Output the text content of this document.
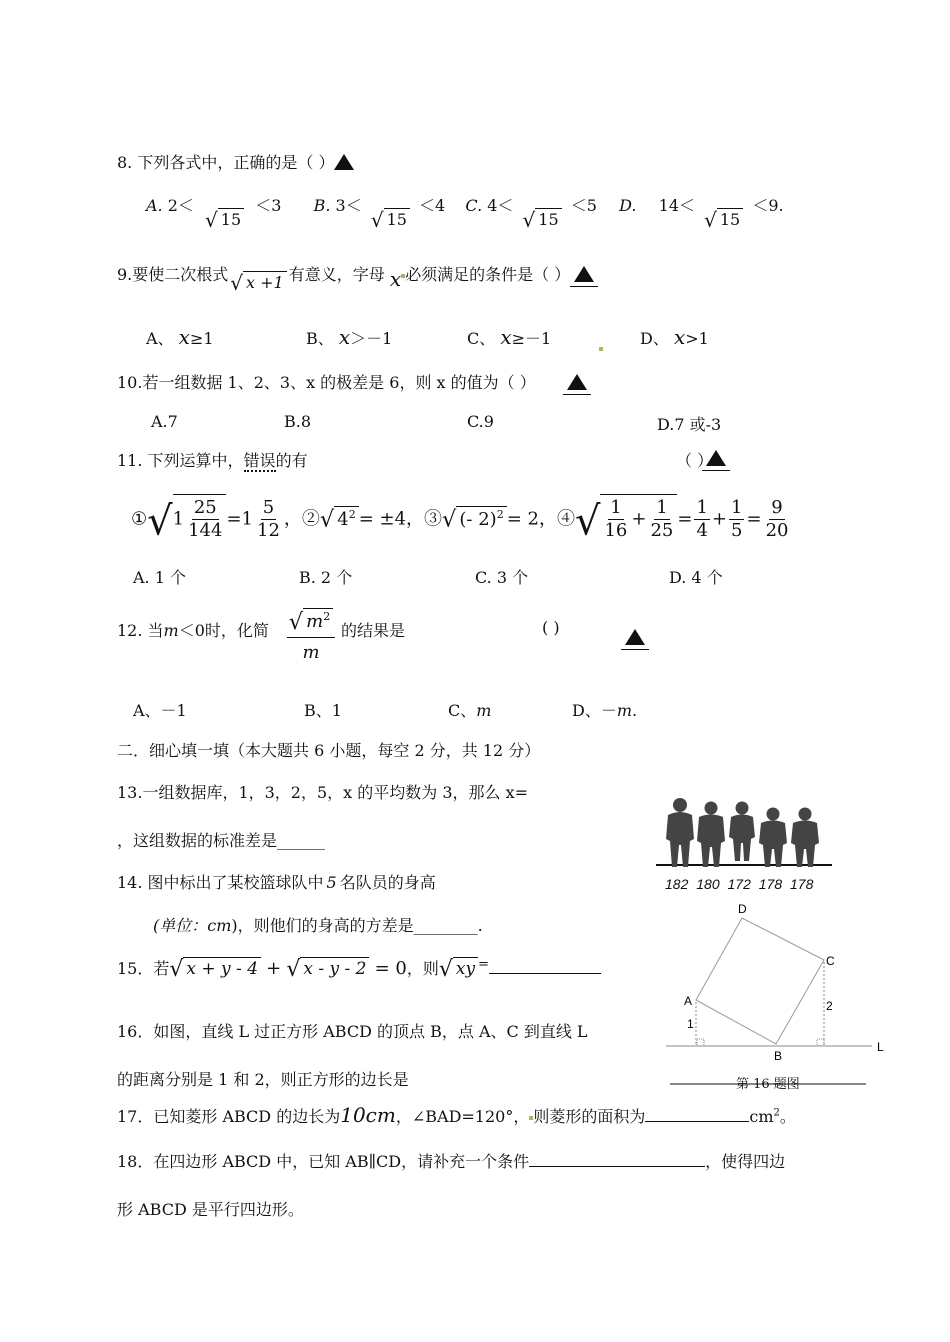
8. 下列各式中，正确的是（ ）
A. 2＜ √ 15 ＜3 B. 3＜ √ 15 ＜4 C. 4＜ √ 15 ＜5 D. 14＜ √ 15 ＜9.
9.要使二次根式 √ x +1 有意义，字母 x 必须满足的条件是（ ）
A、 x≥1	B、 x＞－1	C、 x≥－1	D、 x>1
10.若一组数据 1、2、3、x 的极差是 6，则 x 的值为（ ）
A.7	B.8	C.9	D.7 或-3
11. 下列运算中，错误的有	（ ）
①√1 $\frac{25}{144} =1 \frac{5}{12}$ ，②√ $4^2 = \pm 4$，③√ (- 2)$^2$ = 2，④√ $\frac{1}{16} + \frac{1}{25} = \frac{1}{4} + \frac{1}{5} = \frac{9}{20}$
A. 1 个	B. 2 个	C. 3 个	D. 4 个
12. 当m＜0时，化简 √ $m^2$
m
的结果是	( )
A、－1	B、1	C、m	D、－m.
二．细心填一填（本大题共 6 小题，每空 2 分，共 12 分）
13.一组数据库，1，3，2，5，x 的平均数为 3，那么 x=
，这组数据的标准差是______
182 180 172 178 178
14. 图中标出了某校篮球队中 5 名队员的身高
(单位：cm)，则他们的身高的方差是________.
15．若√ x + y - 4 + √ x - y - 2 = 0，则√ xy =
16．如图，直线 L 过正方形 ABCD 的顶点 B，点 A、C 到直线 L
的距离分别是 1 和 2，则正方形的边长是
D
C
A
B
L
1
2
第 16 题图
17．已知菱形 ABCD 的边长为10cm，∠BAD=120°， 则菱形的面积为	$cm^2$。
18．在四边形 ABCD 中，已知 AB∥CD，请补充一个条件	，使得四边
形 ABCD 是平行四边形。
